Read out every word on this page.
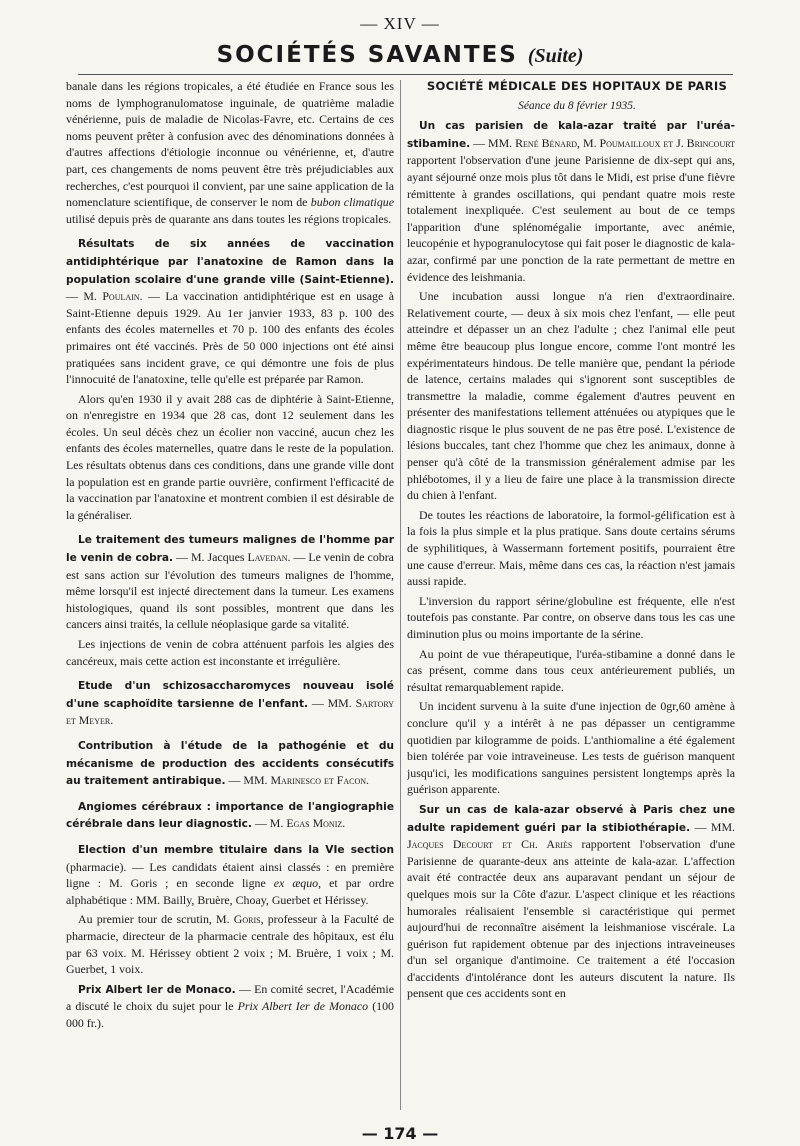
— XIV —
SOCIÉTÉS SAVANTES (Suite)

banale dans les régions tropicales, a été étudiée en France sous les noms de lymphogranulomatose inguinale, de quatrième maladie vénérienne, puis de maladie de Nicolas-Favre, etc. Certains de ces noms peuvent prêter à confusion avec des dénominations données à d'autres affections d'étiologie inconnue ou vénérienne, et, d'autre part, ces changements de noms peuvent être très préjudiciables aux recherches, c'est pourquoi il convient, par une saine application de la nomenclature scientifique, de conserver le nom de bubon climatique utilisé depuis près de quarante ans dans toutes les régions tropicales.

Résultats de six années de vaccination antidiphtérique par l'anatoxine de Ramon dans la population scolaire d'une grande ville (Saint-Etienne). — M. Poulain. — La vaccination antidiphtérique est en usage à Saint-Etienne depuis 1929. Au 1er janvier 1933, 83 p. 100 des enfants des écoles maternelles et 70 p. 100 des enfants des écoles primaires ont été vaccinés. Près de 50 000 injections ont été ainsi pratiquées sans incident grave, ce qui démontre une fois de plus l'innocuité de l'anatoxine, telle qu'elle est préparée par Ramon.

Alors qu'en 1930 il y avait 288 cas de diphtérie à Saint-Etienne, on n'enregistre en 1934 que 28 cas, dont 12 seulement dans les écoles. Un seul décès chez un écolier non vacciné, aucun chez les enfants des écoles maternelles, quatre dans le reste de la population. Les résultats obtenus dans ces conditions, dans une grande ville dont la population est en grande partie ouvrière, confirment l'efficacité de la vaccination par l'anatoxine et montrent combien il est désirable de la généraliser.

Le traitement des tumeurs malignes de l'homme par le venin de cobra. — M. Jacques Lavedan. — Le venin de cobra est sans action sur l'évolution des tumeurs malignes de l'homme, même lorsqu'il est injecté directement dans la tumeur. Les examens histologiques, quand ils sont possibles, montrent que dans les cancers ainsi traités, la cellule néoplasique garde sa vitalité.

Les injections de venin de cobra atténuent parfois les algies des cancéreux, mais cette action est inconstante et irrégulière.

Etude d'un schizosaccharomyces nouveau isolé d'une scaphoïdite tarsienne de l'enfant. — MM. Sartory et Meyer.

Contribution à l'étude de la pathogénie et du mécanisme de production des accidents consécutifs au traitement antirabique. — MM. Marinesco et Facon.

Angiomes cérébraux : importance de l'angiographie cérébrale dans leur diagnostic. — M. Egas Moniz.

Election d'un membre titulaire dans la VIe section (pharmacie). — Les candidats étaient ainsi classés : en première ligne : M. Goris ; en seconde ligne ex æquo, et par ordre alphabétique : MM. Bailly, Bruère, Choay, Guerbet et Hérissey.

Au premier tour de scrutin, M. Goris, professeur à la Faculté de pharmacie, directeur de la pharmacie centrale des hôpitaux, est élu par 63 voix. M. Hérissey obtient 2 voix ; M. Bruère, 1 voix ; M. Guerbet, 1 voix.

Prix Albert Ier de Monaco. — En comité secret, l'Académie a discuté le choix du sujet pour le Prix Albert Ier de Monaco (100 000 fr.).

SOCIÉTÉ MÉDICALE DES HOPITAUX DE PARIS

Séance du 8 février 1935.

Un cas parisien de kala-azar traité par l'uréa-stibamine. — MM. René Bénard, M. Poumailloux et J. Brincourt rapportent l'observation d'une jeune Parisienne de dix-sept qui ans, ayant séjourné onze mois plus tôt dans le Midi, est prise d'une fièvre rémittente à grandes oscillations, qui pendant quatre mois reste totalement inexpliquée. C'est seulement au bout de ce temps l'apparition d'une splénomégalie importante, avec anémie, leucopénie et hypogranulocytose qui fait poser le diagnostic de kala-azar, confirmé par une ponction de la rate permettant de mettre en évidence des leishmania.

Une incubation aussi longue n'a rien d'extraordinaire. Relativement courte, — deux à six mois chez l'enfant, — elle peut atteindre et dépasser un an chez l'adulte ; chez l'animal elle peut même être beaucoup plus longue encore, comme l'ont montré les expérimentateurs hindous. De telle manière que, pendant la période de latence, certains malades qui s'ignorent sont susceptibles de transmettre la maladie, comme également d'autres peuvent en présenter des manifestations tellement atténuées ou atypiques que le diagnostic risque le plus souvent de ne pas être posé. L'existence de lésions buccales, tant chez l'homme que chez les animaux, donne à penser qu'à côté de la transmission généralement admise par les phlébotomes, il y a lieu de faire une place à la transmission directe du chien à l'enfant.

De toutes les réactions de laboratoire, la formol-gélification est à la fois la plus simple et la plus pratique. Sans doute certains sérums de syphilitiques, à Wassermann fortement positifs, pourraient être une cause d'erreur. Mais, même dans ces cas, la réaction n'est jamais aussi rapide.

L'inversion du rapport sérine/globuline est fréquente, elle n'est toutefois pas constante. Par contre, on observe dans tous les cas une diminution plus ou moins importante de la sérine.

Au point de vue thérapeutique, l'uréa-stibamine a donné dans le cas présent, comme dans tous ceux antérieurement publiés, un résultat remarquablement rapide.

Un incident survenu à la suite d'une injection de 0gr,60 amène à conclure qu'il y a intérêt à ne pas dépasser un centigramme quotidien par kilogramme de poids. L'anthiomaline a été également bien tolérée par voie intraveineuse. Les tests de guérison manquent jusqu'ici, les modifications sanguines persistent longtemps après la guérison apparente.

Sur un cas de kala-azar observé à Paris chez une adulte rapidement guéri par la stibiothérapie. — MM. Jacques Decourt et Ch. Ariès rapportent l'observation d'une Parisienne de quarante-deux ans atteinte de kala-azar. L'affection avait été contractée deux ans auparavant pendant un séjour de quelques mois sur la Côte d'azur. L'aspect clinique et les réactions humorales réalisaient l'ensemble si caractéristique qui permet aujourd'hui de reconnaître aisément la leishmaniose viscérale. La guérison fut rapidement obtenue par des injections intraveineuses d'un sel organique d'antimoine. Ce traitement a été l'occasion d'accidents d'intolérance dont les auteurs discutent la nature. Ils pensent que ces accidents sont en

— 174 —
